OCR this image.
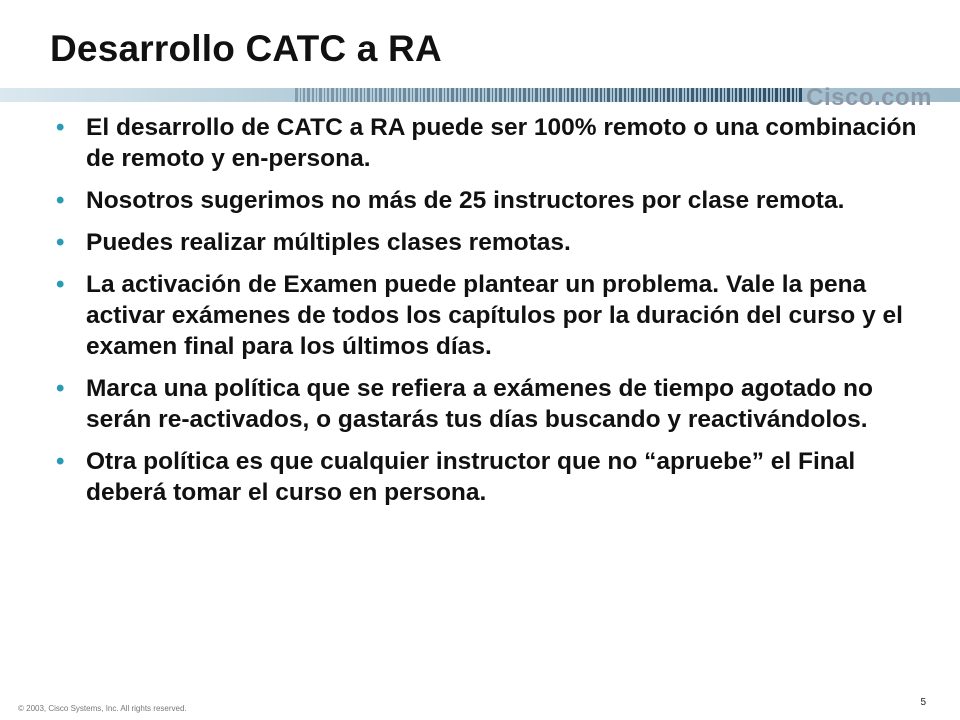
Desarrollo CATC a RA
Cisco.com
• El desarrollo de CATC a RA puede ser 100% remoto o una combinación de remoto y en-persona.
• Nosotros sugerimos no más de 25 instructores por clase remota.
• Puedes realizar múltiples clases remotas.
• La activación de Examen puede plantear un problema. Vale la pena activar exámenes de todos los capítulos por la duración del curso y el examen final para los últimos días.
• Marca una política que se refiera a exámenes de tiempo agotado no serán re-activados, o gastarás tus días buscando y reactivándolos.
• Otra política es que cualquier instructor que no “apruebe” el Final deberá tomar el curso en persona.
© 2003, Cisco Systems, Inc. All rights reserved.
5
